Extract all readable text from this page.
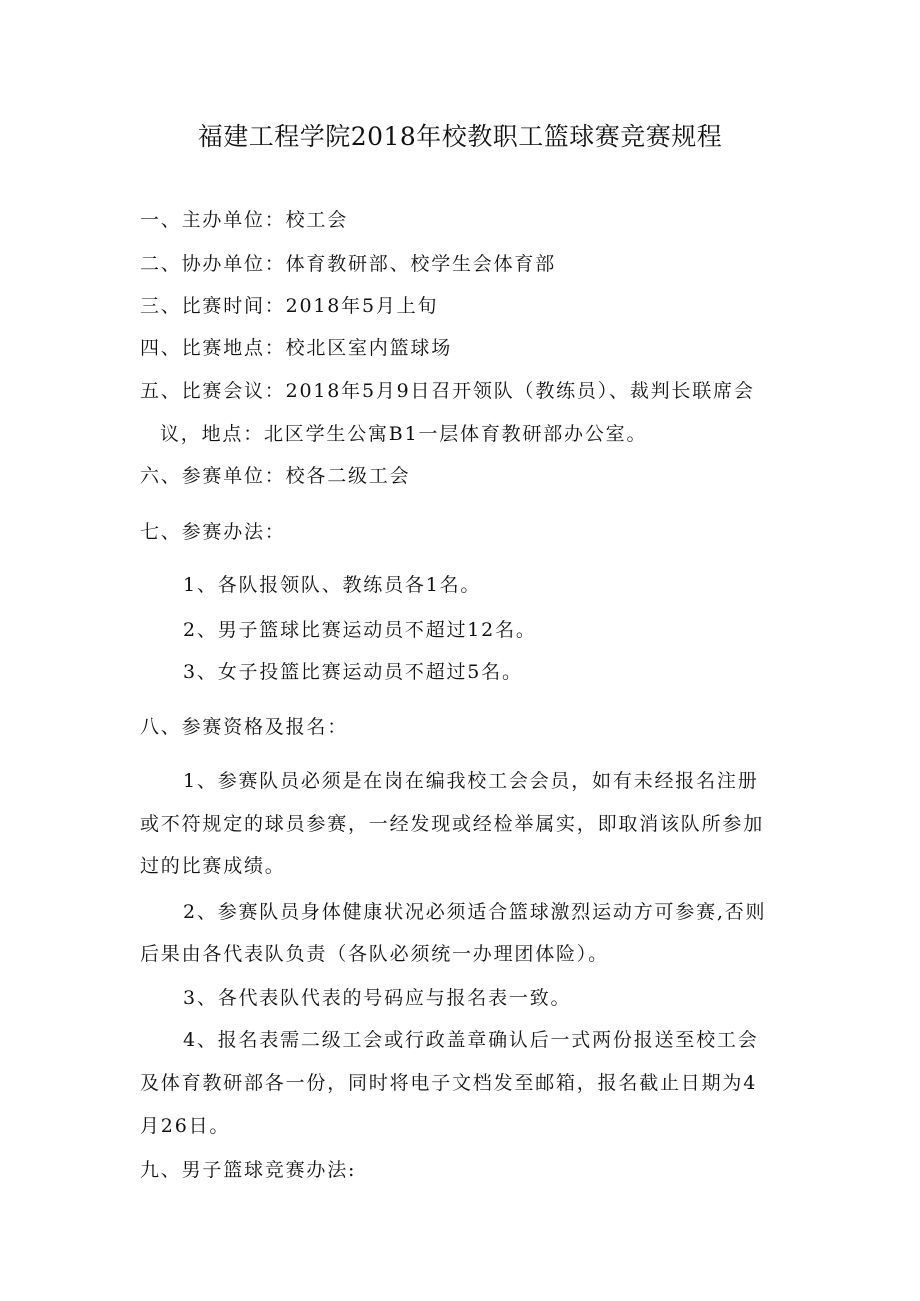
福建工程学院2018年校教职工篮球赛竞赛规程

一、主办单位：校工会

二、协办单位：体育教研部、校学生会体育部

三、比赛时间：2018年5月上旬

四、比赛地点：校北区室内篮球场

五、比赛会议：2018年5月9日召开领队（教练员）、裁判长联席会

议，地点：北区学生公寓B1一层体育教研部办公室。

六、参赛单位：校各二级工会

七、参赛办法：

1、各队报领队、教练员各1名。

2、男子篮球比赛运动员不超过12名。

3、女子投篮比赛运动员不超过5名。

八、参赛资格及报名：

1、参赛队员必须是在岗在编我校工会会员，如有未经报名注册

或不符规定的球员参赛，一经发现或经检举属实，即取消该队所参加

过的比赛成绩。

2、参赛队员身体健康状况必须适合篮球激烈运动方可参赛,否则

后果由各代表队负责（各队必须统一办理团体险）。

3、各代表队代表的号码应与报名表一致。

4、报名表需二级工会或行政盖章确认后一式两份报送至校工会

及体育教研部各一份，同时将电子文档发至邮箱，报名截止日期为4

月26日。

九、男子篮球竞赛办法:
